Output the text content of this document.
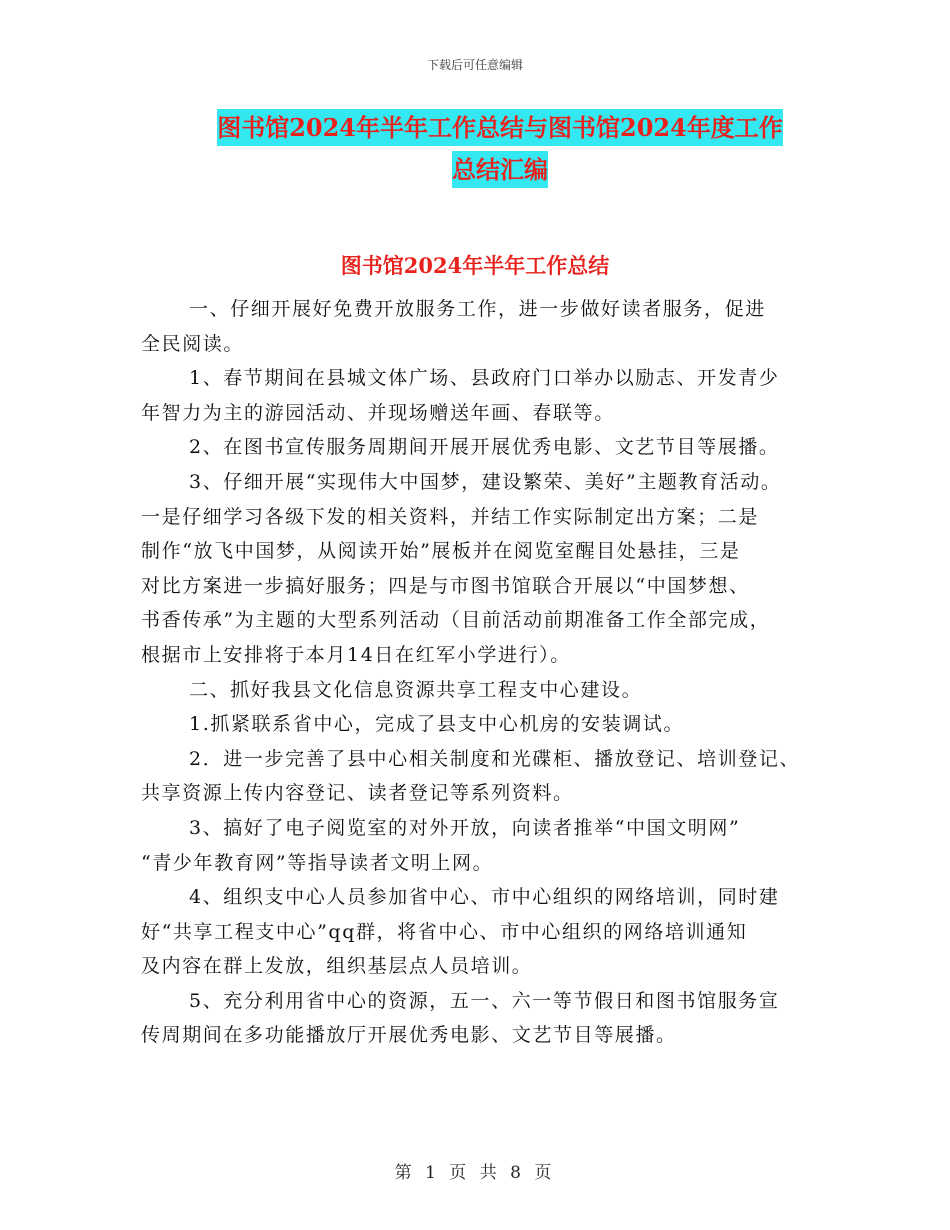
下载后可任意编辑
图书馆2024年半年工作总结与图书馆2024年度工作
总结汇编
图书馆2024年半年工作总结

一、仔细开展好免费开放服务工作，进一步做好读者服务，促进

全民阅读。

1、春节期间在县城文体广场、县政府门口举办以励志、开发青少

年智力为主的游园活动、并现场赠送年画、春联等。

2、在图书宣传服务周期间开展开展优秀电影、文艺节目等展播。

3、仔细开展“实现伟大中国梦，建设繁荣、美好”主题教育活动。

一是仔细学习各级下发的相关资料，并结工作实际制定出方案；二是

制作“放飞中国梦，从阅读开始”展板并在阅览室醒目处悬挂，三是

对比方案进一步搞好服务；四是与市图书馆联合开展以“中国梦想、

书香传承”为主题的大型系列活动（目前活动前期准备工作全部完成，

根据市上安排将于本月14日在红军小学进行）。

二、抓好我县文化信息资源共享工程支中心建设。

1.抓紧联系省中心，完成了县支中心机房的安装调试。

2．进一步完善了县中心相关制度和光碟柜、播放登记、培训登记、

共享资源上传内容登记、读者登记等系列资料。

3、搞好了电子阅览室的对外开放，向读者推举“中国文明网”

“青少年教育网”等指导读者文明上网。

4、组织支中心人员参加省中心、市中心组织的网络培训，同时建

好“共享工程支中心”qq群，将省中心、市中心组织的网络培训通知

及内容在群上发放，组织基层点人员培训。

5、充分利用省中心的资源，五一、六一等节假日和图书馆服务宣

传周期间在多功能播放厅开展优秀电影、文艺节目等展播。

第 1 页 共 8 页
